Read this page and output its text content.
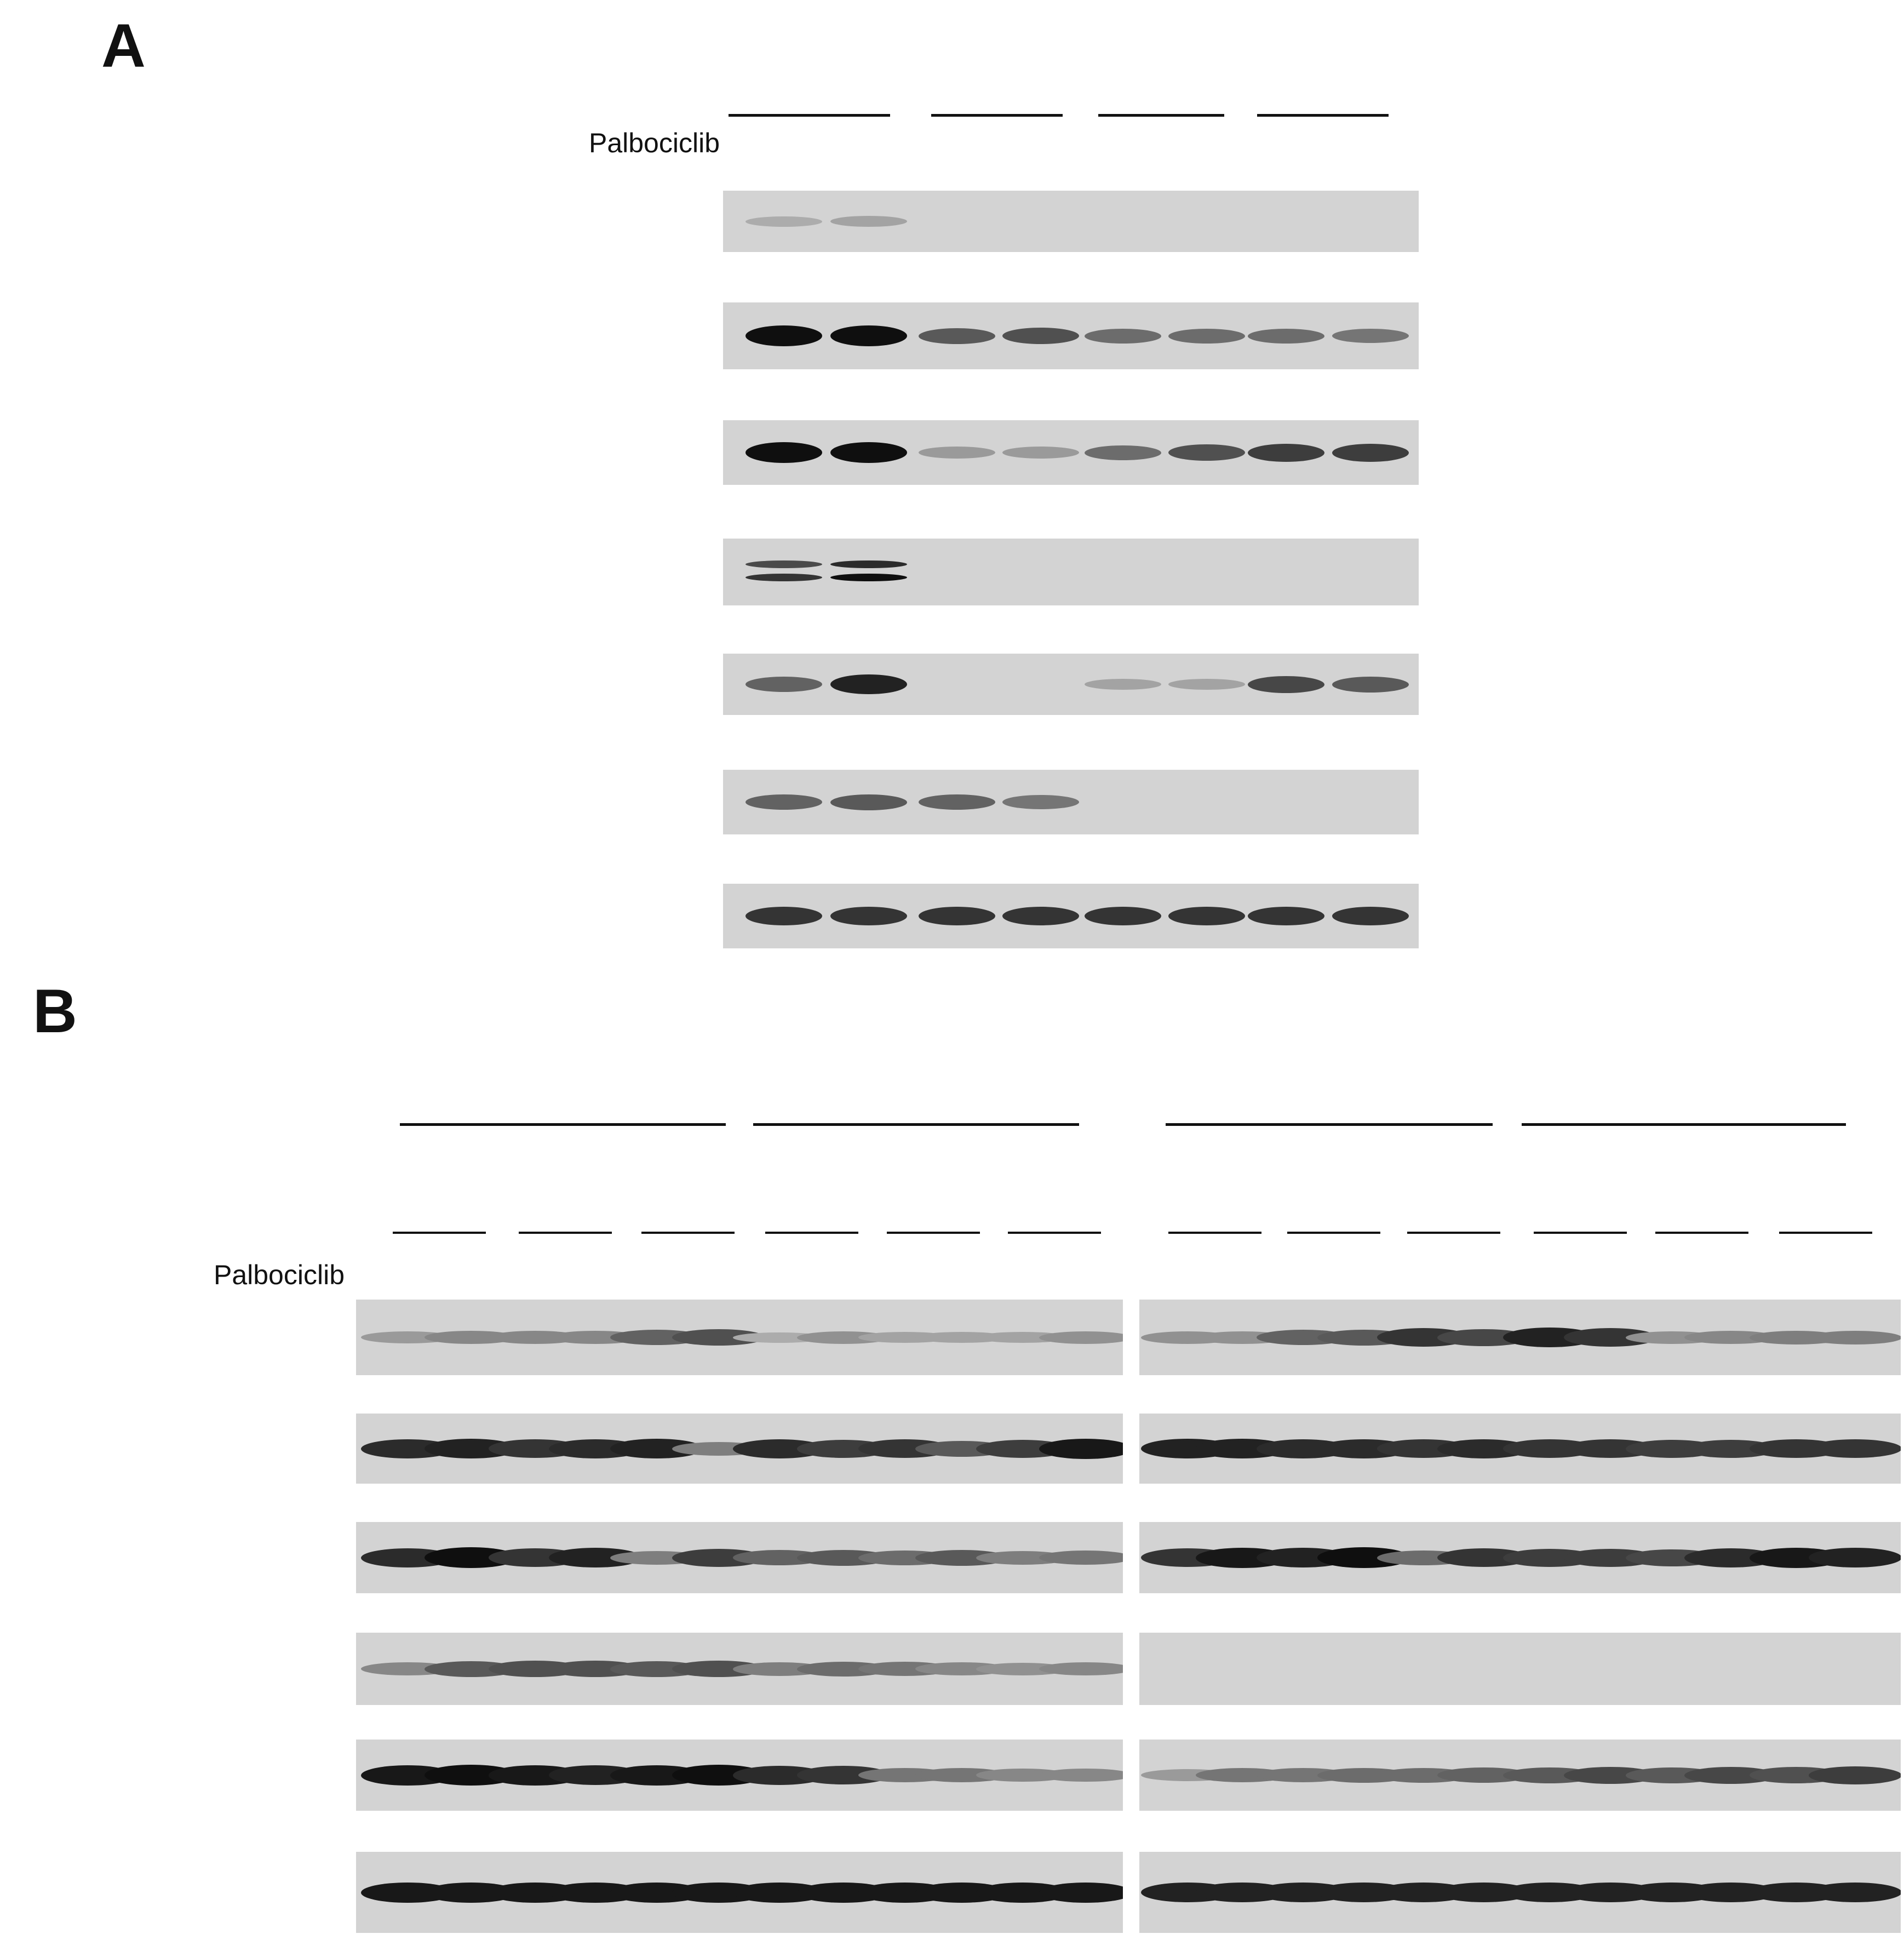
A
Palbociclib
B
Palbociclib
